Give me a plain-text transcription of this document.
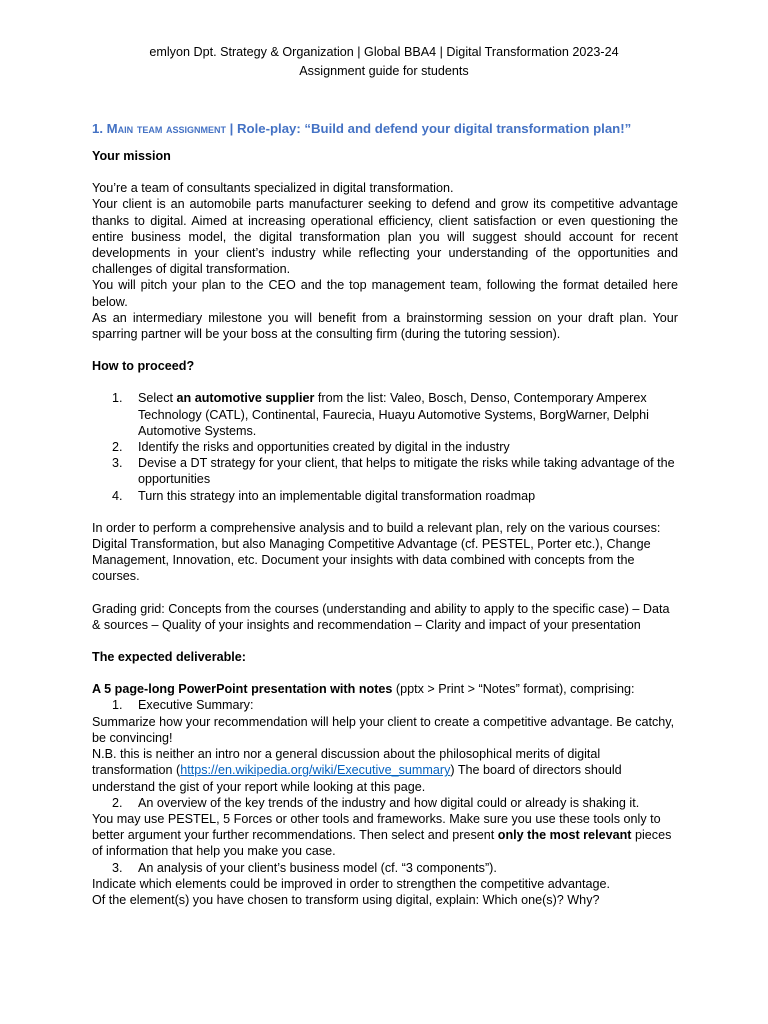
emlyon Dpt. Strategy & Organization | Global BBA4 | Digital Transformation 2023-24
Assignment guide for students

1. Main team assignment | Role-play: “Build and defend your digital transformation plan!”

Your mission

You’re a team of consultants specialized in digital transformation.

Your client is an automobile parts manufacturer seeking to defend and grow its competitive advantage thanks to digital. Aimed at increasing operational efficiency, client satisfaction or even questioning the entire business model, the digital transformation plan you will suggest should account for recent developments in your client’s industry while reflecting your understanding of the opportunities and challenges of digital transformation.

You will pitch your plan to the CEO and the top management team, following the format detailed here below.

As an intermediary milestone you will benefit from a brainstorming session on your draft plan. Your sparring partner will be your boss at the consulting firm (during the tutoring session).

How to proceed?

1. Select an automotive supplier from the list: Valeo, Bosch, Denso, Contemporary Amperex Technology (CATL), Continental, Faurecia, Huayu Automotive Systems, BorgWarner, Delphi Automotive Systems.
2. Identify the risks and opportunities created by digital in the industry
3. Devise a DT strategy for your client, that helps to mitigate the risks while taking advantage of the opportunities
4. Turn this strategy into an implementable digital transformation roadmap

In order to perform a comprehensive analysis and to build a relevant plan, rely on the various courses: Digital Transformation, but also Managing Competitive Advantage (cf. PESTEL, Porter etc.), Change Management, Innovation, etc. Document your insights with data combined with concepts from the courses.

Grading grid: Concepts from the courses (understanding and ability to apply to the specific case) – Data & sources – Quality of your insights and recommendation – Clarity and impact of your presentation

The expected deliverable:

A 5 page-long PowerPoint presentation with notes (pptx > Print > “Notes” format), comprising:

1. Executive Summary:

Summarize how your recommendation will help your client to create a competitive advantage. Be catchy, be convincing!

N.B. this is neither an intro nor a general discussion about the philosophical merits of digital transformation (https://en.wikipedia.org/wiki/Executive_summary) The board of directors should understand the gist of your report while looking at this page.

2. An overview of the key trends of the industry and how digital could or already is shaking it.

You may use PESTEL, 5 Forces or other tools and frameworks. Make sure you use these tools only to better argument your further recommendations. Then select and present only the most relevant pieces of information that help you make you case.

3. An analysis of your client’s business model (cf. “3 components”).

Indicate which elements could be improved in order to strengthen the competitive advantage.

Of the element(s) you have chosen to transform using digital, explain: Which one(s)? Why?
